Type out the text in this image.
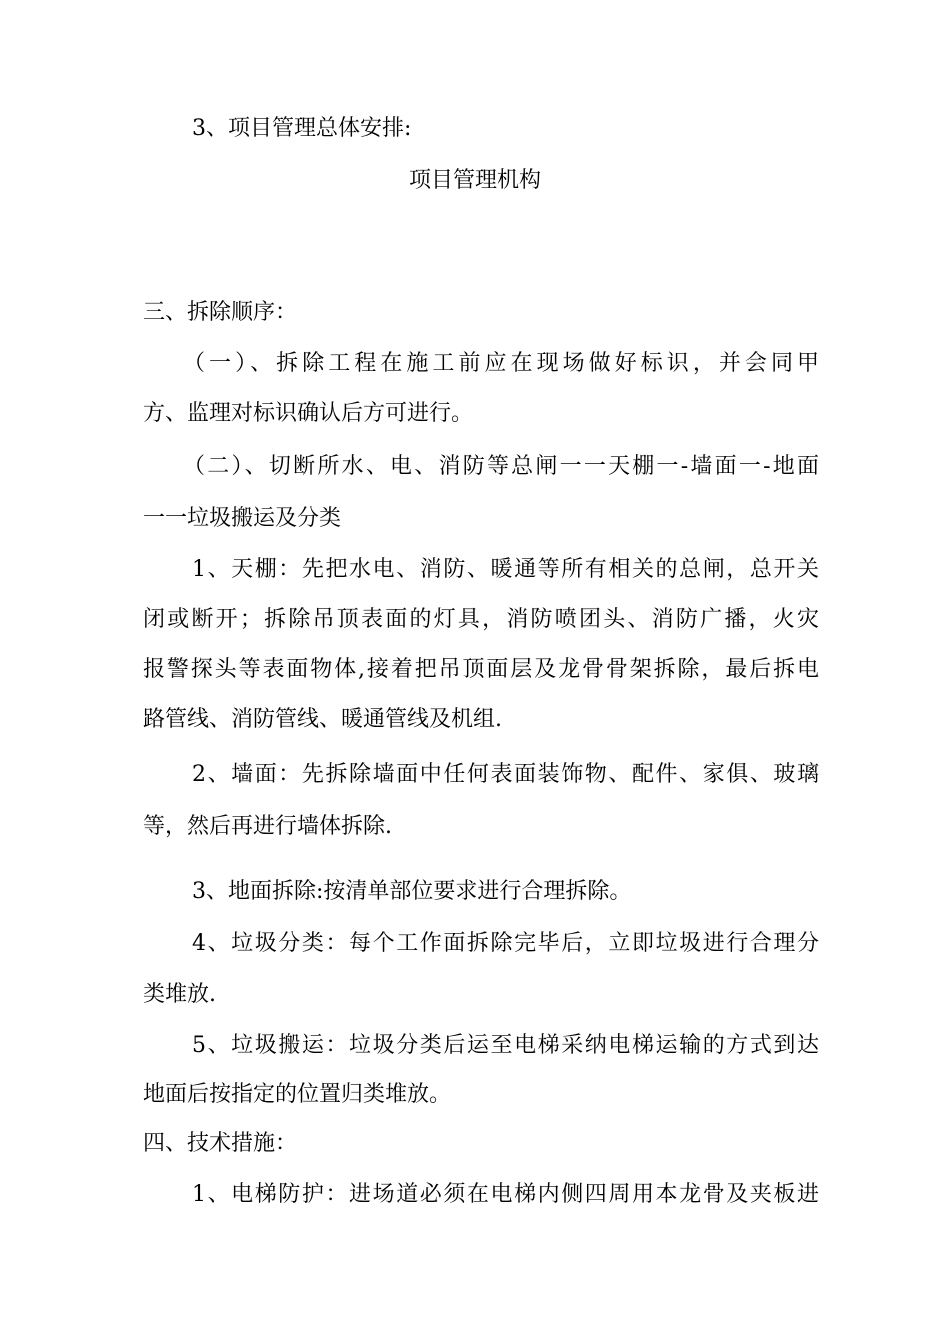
3、项目管理总体安排:
项目管理机构
三、拆除顺序：
（一）、拆除工程在施工前应在现场做好标识，并会同甲
方、监理对标识确认后方可进行。
（二）、切断所水、电、消防等总闸一一天棚一-墙面一-地面
一一垃圾搬运及分类
1、天棚：先把水电、消防、暖通等所有相关的总闸，总开关
闭或断开；拆除吊顶表面的灯具，消防喷团头、消防广播，火灾
报警探头等表面物体,接着把吊顶面层及龙骨骨架拆除，最后拆电
路管线、消防管线、暖通管线及机组.
2、墙面：先拆除墙面中任何表面装饰物、配件、家俱、玻璃
等，然后再进行墙体拆除.
3、地面拆除:按清单部位要求进行合理拆除。
4、垃圾分类：每个工作面拆除完毕后，立即垃圾进行合理分
类堆放.
5、垃圾搬运：垃圾分类后运至电梯采纳电梯运输的方式到达
地面后按指定的位置归类堆放。
四、技术措施：
1、电梯防护：进场道必须在电梯内侧四周用本龙骨及夹板进
